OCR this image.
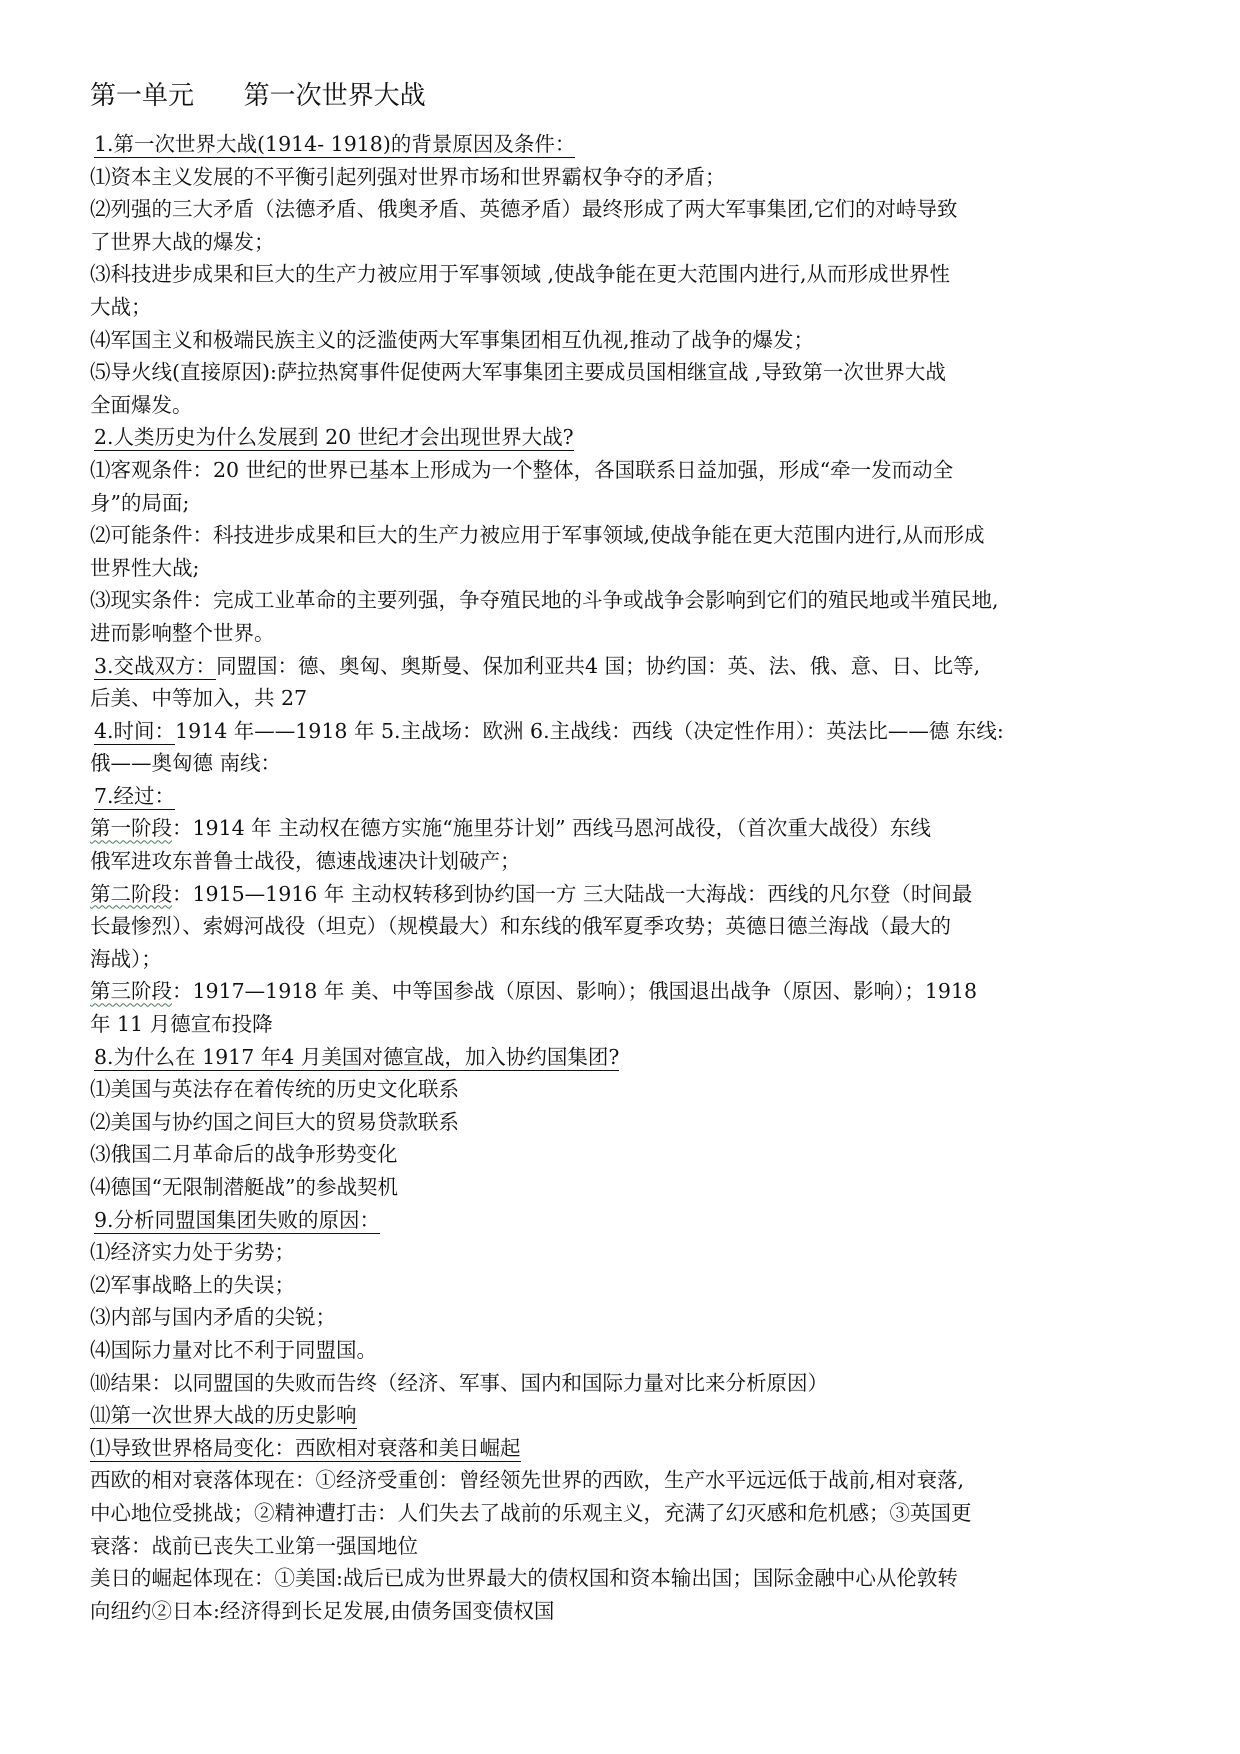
第一单元      第一次世界大战
1.第一次世界大战(1914- 1918)的背景原因及条件：
⑴资本主义发展的不平衡引起列强对世界市场和世界霸权争夺的矛盾；
⑵列强的三大矛盾（法德矛盾、俄奥矛盾、英德矛盾）最终形成了两大军事集团,它们的对峙导致
了世界大战的爆发；
⑶科技进步成果和巨大的生产力被应用于军事领域 ,使战争能在更大范围内进行,从而形成世界性
大战；
⑷军国主义和极端民族主义的泛滥使两大军事集团相互仇视,推动了战争的爆发；
⑸导火线(直接原因):萨拉热窝事件促使两大军事集团主要成员国相继宣战 ,导致第一次世界大战
全面爆发。
2.人类历史为什么发展到 20 世纪才会出现世界大战?
⑴客观条件：20 世纪的世界已基本上形成为一个整体，各国联系日益加强，形成“牵一发而动全
身”的局面;
⑵可能条件：科技进步成果和巨大的生产力被应用于军事领域,使战争能在更大范围内进行,从而形成
世界性大战;
⑶现实条件：完成工业革命的主要列强，争夺殖民地的斗争或战争会影响到它们的殖民地或半殖民地,
进而影响整个世界。
3.交战双方：同盟国：德、奥匈、奥斯曼、保加利亚共4 国；协约国：英、法、俄、意、日、比等,
后美、中等加入，共 27
4.时间：1914 年——1918 年 5.主战场：欧洲 6.主战线：西线（决定性作用）：英法比——德 东线:
俄——奥匈德 南线：
7.经过：
第一阶段：1914 年 主动权在德方实施“施里芬计划” 西线马恩河战役，（首次重大战役）东线
俄军进攻东普鲁士战役，德速战速决计划破产；
第二阶段：1915—1916 年 主动权转移到协约国一方 三大陆战一大海战：西线的凡尔登（时间最
长最惨烈）、索姆河战役（坦克）（规模最大）和东线的俄军夏季攻势；英德日德兰海战（最大的
海战）；
第三阶段：1917—1918 年 美、中等国参战（原因、影响）；俄国退出战争（原因、影响）；1918
年 11 月德宣布投降
8.为什么在 1917 年4 月美国对德宣战，加入协约国集团?
⑴美国与英法存在着传统的历史文化联系
⑵美国与协约国之间巨大的贸易贷款联系
⑶俄国二月革命后的战争形势变化
⑷德国“无限制潜艇战”的参战契机
9.分析同盟国集团失败的原因：
⑴经济实力处于劣势；
⑵军事战略上的失误；
⑶内部与国内矛盾的尖锐；
⑷国际力量对比不利于同盟国。
⑽结果：以同盟国的失败而告终（经济、军事、国内和国际力量对比来分析原因）
⑾第一次世界大战的历史影响
⑴导致世界格局变化：西欧相对衰落和美日崛起
西欧的相对衰落体现在：①经济受重创：曾经领先世界的西欧，生产水平远远低于战前,相对衰落,
中心地位受挑战；②精神遭打击：人们失去了战前的乐观主义，充满了幻灭感和危机感；③英国更
衰落：战前已丧失工业第一强国地位
美日的崛起体现在：①美国:战后已成为世界最大的债权国和资本输出国；国际金融中心从伦敦转
向纽约②日本:经济得到长足发展,由债务国变债权国
